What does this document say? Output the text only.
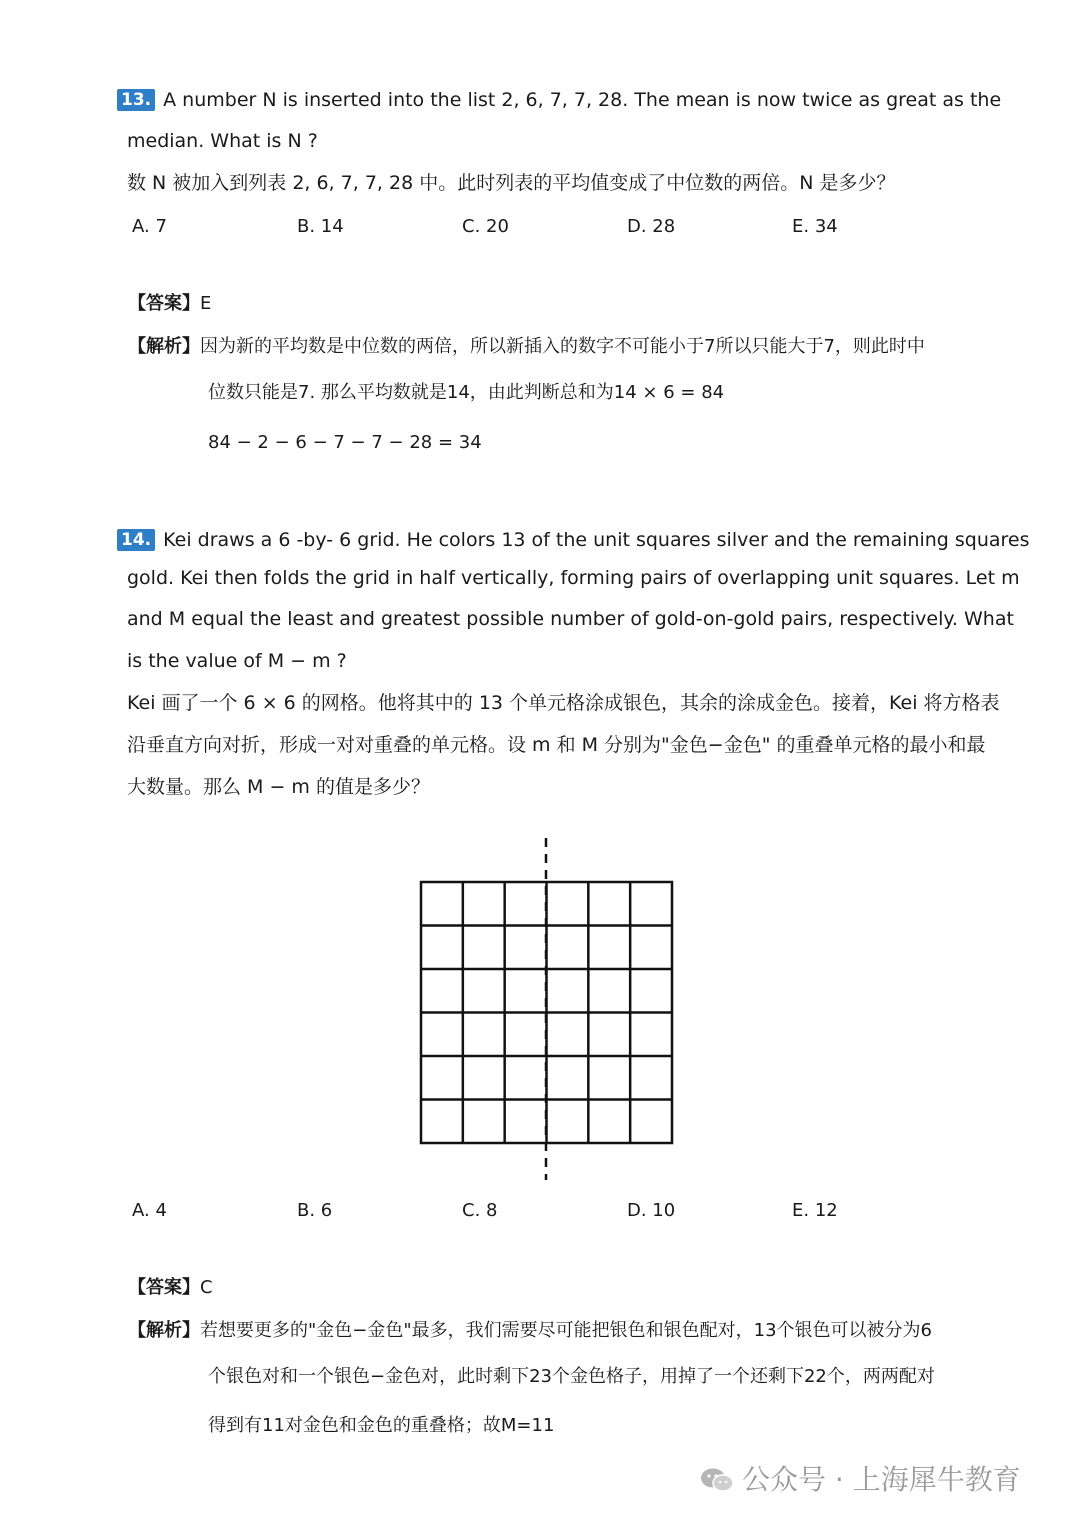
13. A number N is inserted into the list 2, 6, 7, 7, 28. The mean is now twice as great as the
median. What is N ?
数 N 被加入到列表 2, 6, 7, 7, 28 中。此时列表的平均值变成了中位数的两倍。N 是多少？
A. 7	B. 14	C. 20	D. 28	E. 34
【答案】E
【解析】因为新的平均数是中位数的两倍，所以新插入的数字不可能小于7所以只能大于7，则此时中
位数只能是7. 那么平均数就是14，由此判断总和为14 × 6 = 84
84 − 2 − 6 − 7 − 7 − 28 = 34
14. Kei draws a 6 -by- 6 grid. He colors 13 of the unit squares silver and the remaining squares
gold. Kei then folds the grid in half vertically, forming pairs of overlapping unit squares. Let m
and M equal the least and greatest possible number of gold-on-gold pairs, respectively. What
is the value of M − m ?
Kei 画了一个 6 × 6 的网格。他将其中的 13 个单元格涂成银色，其余的涂成金色。接着，Kei 将方格表
沿垂直方向对折，形成一对对重叠的单元格。设 m 和 M 分别为"金色−金色" 的重叠单元格的最小和最
大数量。那么 M − m 的值是多少？
A. 4	B. 6	C. 8	D. 10	E. 12
【答案】C
【解析】若想要更多的"金色−金色"最多，我们需要尽可能把银色和银色配对，13个银色可以被分为6
个银色对和一个银色−金色对，此时剩下23个金色格子，用掉了一个还剩下22个，两两配对
得到有11对金色和金色的重叠格；故M=11
公众号 · 上海犀牛教育
